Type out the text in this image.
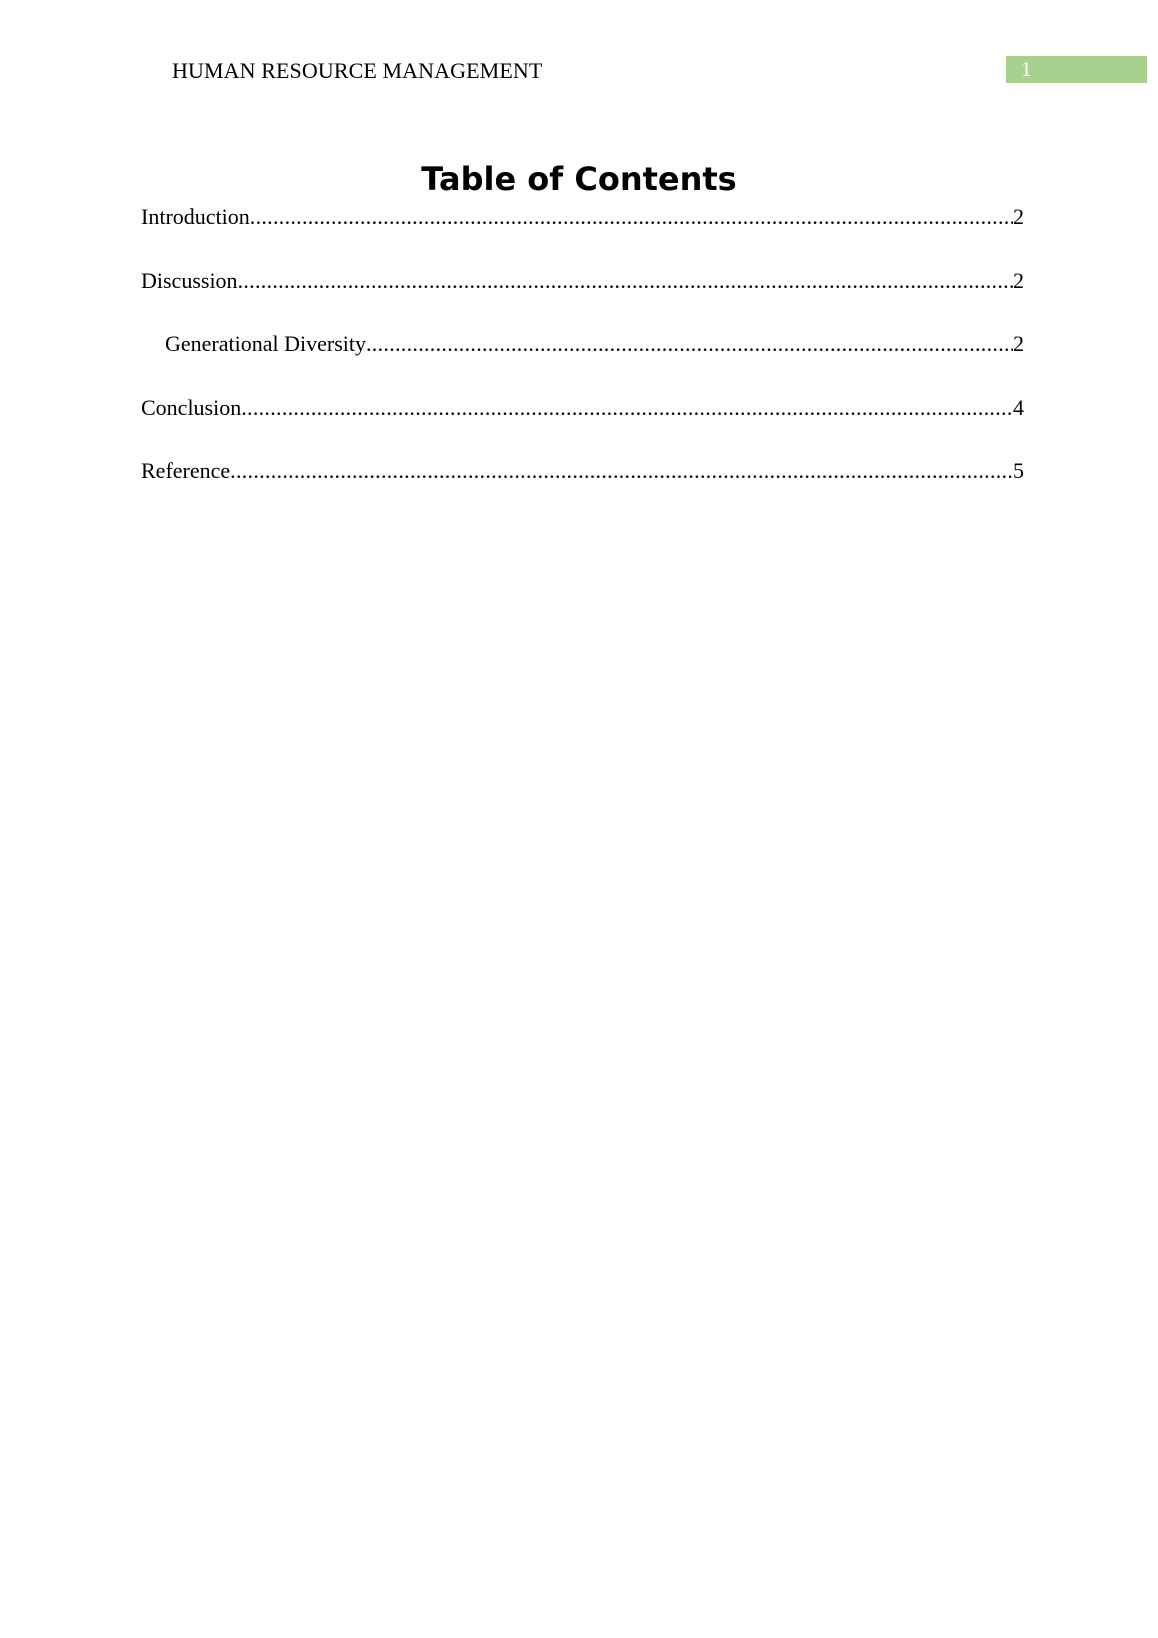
HUMAN RESOURCE MANAGEMENT	1
Table of Contents
Introduction .....	2
Discussion .....	2
Generational Diversity .....	2
Conclusion .....	4
Reference .....	5
